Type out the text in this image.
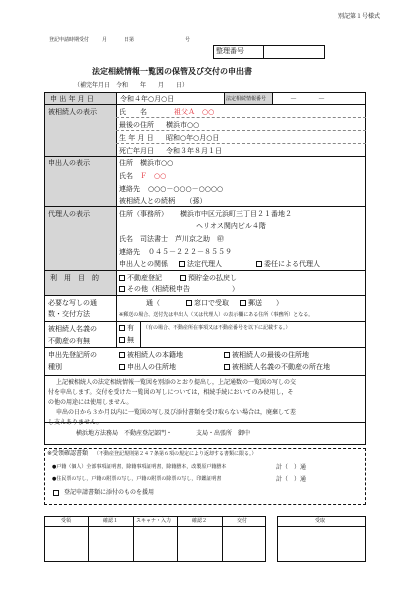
別記第１号様式
登記申請時期受付	月	日第	号
整理番号
法定相続情報一覧図の保管及び交付の申出書
（補完年月日　令和　　年　　月　　日）
申 出 年 月 日	令和４年○月○日	法定相続情報番号	－　　　－
被相続人の表示	氏　　名	祖父Ａ　○○
最後の住所 横浜市○○
生 年 月 日 昭和○年○月○日
死亡年月日 令和３年８月１日
申出人の表示	住所 横浜市○○
氏名 Ｆ　○○
連絡先 ○○○－○○○－○○○○
被相続人との続柄　　（孫）
代理人の表示	住所（事務所） 横浜市中区元浜町三丁目２１番地２
ヘリオス関内ビル４階
氏名 司法書士　芦川京之助　㊞
連絡先 ０４５－２２２－８５５９
申出人との関係	法定代理人	委任による代理人
利　用　目　的	不動産登記	預貯金の払戻し
その他（相続税申告　　　　　　）
必要な写しの通
数・交付方法
通（	窓口で受取	郵送 ）
※郵送の場合、送付先は申出人（又は代理人）の表示欄にある住所（事務所）となる。
被相続人名義の
不動産の有無
有
無
（有の場合、不動産所在事項又は不動産番号を以下に記載する。）
申出先登記所の
種別
被相続人の本籍地	被相続人の最後の住所地
申出人の住所地	被相続人名義の不動産の所在地
上記被相続人の法定相続情報一覧図を別添のとおり提出し，上記通数の一覧図の写しの交
付を申出します。交付を受けた一覧図の写しについては，相続手続においてのみ使用し，そ
の他の用途には使用しません。
申出の日から３か月以内に一覧図の写し及び添付書類を受け取らない場合は，廃棄して差
し支えありません。
横浜地方法務局　不動産登記部門・　　　　支局・出張所　御中
※受領確認書類 （不動産登記規則第２４７条第６項の規定により返却する書類に限る。）
●戸籍（個人）全部事項証明書，除籍事項証明書，除籍謄本，改製原戸籍謄本	計（　）通
●住民票の写し，戸籍の附票の写し，戸籍の附票の除票の写し，印鑑証明書	計（　）通
登記申請書類に添付のものを援用
受領	確認１	スキャナ・入力	確認２	交付	受取
